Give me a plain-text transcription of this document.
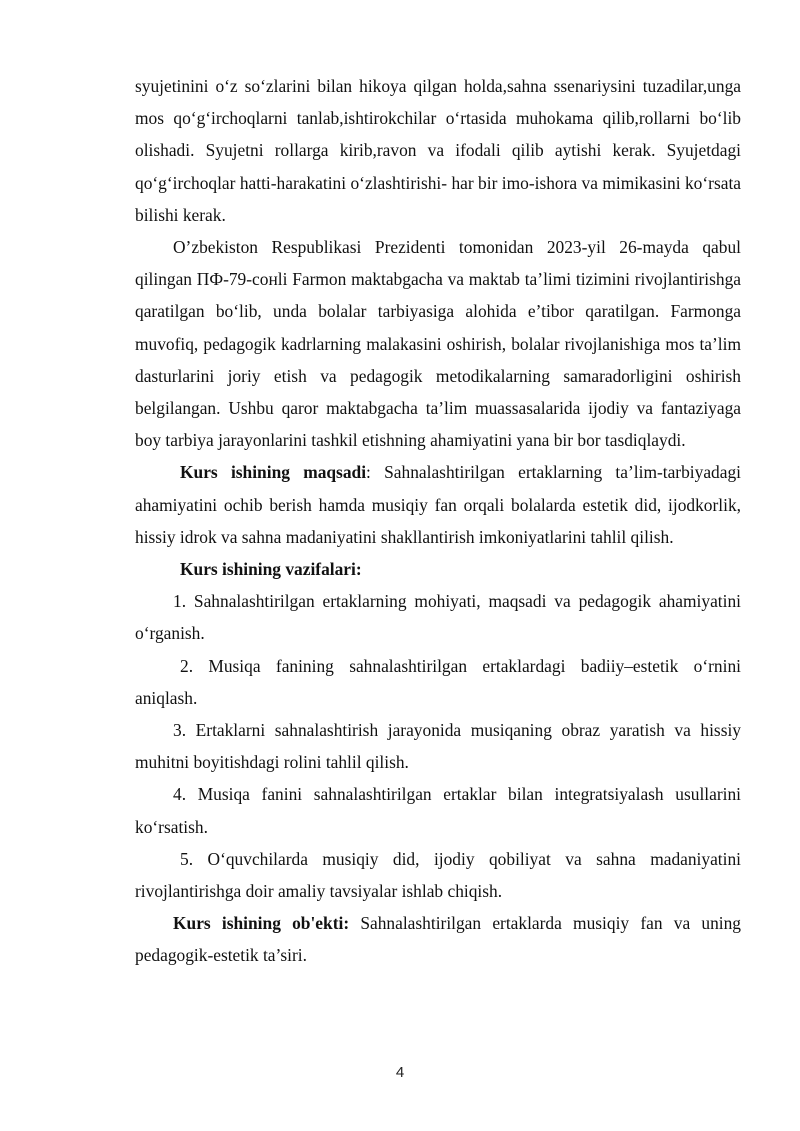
syujetinini o‘z so‘zlarini bilan hikoya qilgan holda,sahna ssenariysini tuzadilar,unga mos qo‘g‘irchoqlarni tanlab,ishtirokchilar o‘rtasida muhokama qilib,rollarni bo‘lib olishadi. Syujetni rollarga kirib,ravon va ifodali qilib aytishi kerak. Syujetdagi qo‘g‘irchoqlar hatti-harakatini o‘zlashtirishi- har bir imo-ishora va mimikasini ko‘rsata bilishi kerak.

O’zbekiston Respublikasi Prezidenti tomonidan 2023-yil 26-mayda qabul qilingan ПФ-79-сонli Farmon maktabgacha va maktab ta’limi tizimini rivojlantirishga qaratilgan bo‘lib, unda bolalar tarbiyasiga alohida e’tibor qaratilgan. Farmonga muvofiq, pedagogik kadrlarning malakasini oshirish, bolalar rivojlanishiga mos ta’lim dasturlarini joriy etish va pedagogik metodikalarning samaradorligini oshirish belgilangan. Ushbu qaror maktabgacha ta’lim muassasalarida ijodiy va fantaziyaga boy tarbiya jarayonlarini tashkil etishning ahamiyatini yana bir bor tasdiqlaydi.

Kurs ishining maqsadi: Sahnalashtirilgan ertaklarning ta’lim-tarbiyadagi ahamiyatini ochib berish hamda musiqiy fan orqali bolalarda estetik did, ijodkorlik, hissiy idrok va sahna madaniyatini shakllantirish imkoniyatlarini tahlil qilish.

Kurs ishining vazifalari:

1. Sahnalashtirilgan ertaklarning mohiyati, maqsadi va pedagogik ahamiyatini o‘rganish.

2. Musiqa fanining sahnalashtirilgan ertaklardagi badiiy–estetik o‘rnini aniqlash.

3. Ertaklarni sahnalashtirish jarayonida musiqaning obraz yaratish va hissiy muhitni boyitishdagi rolini tahlil qilish.

4. Musiqa fanini sahnalashtirilgan ertaklar bilan integratsiyalash usullarini ko‘rsatish.

5. O‘quvchilarda musiqiy did, ijodiy qobiliyat va sahna madaniyatini rivojlantirishga doir amaliy tavsiyalar ishlab chiqish.

Kurs ishining ob'ekti: Sahnalashtirilgan ertaklarda musiqiy fan va uning pedagogik-estetik ta’siri.

4
